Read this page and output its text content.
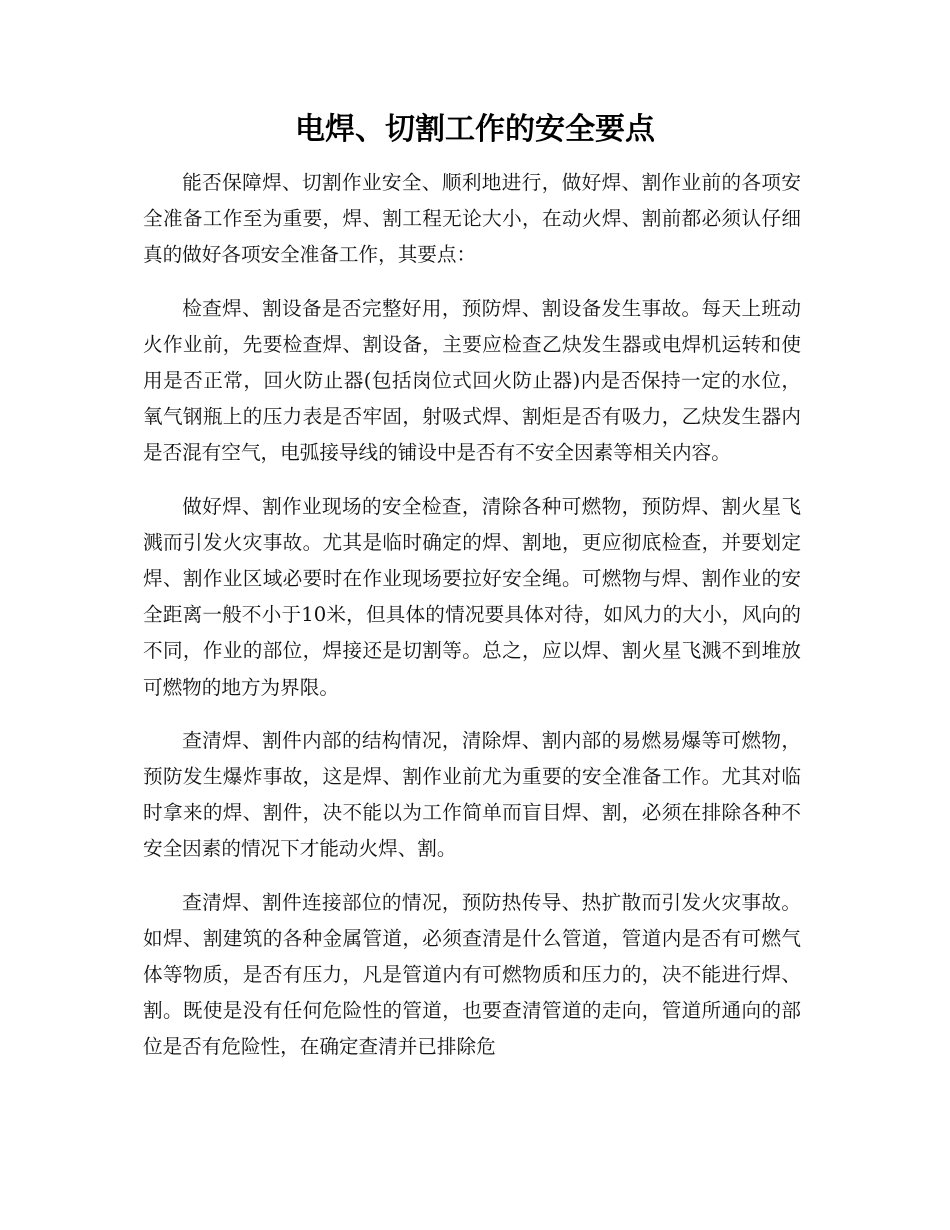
电焊、切割工作的安全要点

能否保障焊、切割作业安全、顺利地进行，做好焊、割作业前的各项安全准备工作至为重要，焊、割工程无论大小，在动火焊、割前都必须认仔细真的做好各项安全准备工作，其要点：

检查焊、割设备是否完整好用，预防焊、割设备发生事故。每天上班动火作业前，先要检查焊、割设备，主要应检查乙炔发生器或电焊机运转和使用是否正常，回火防止器(包括岗位式回火防止器)内是否保持一定的水位，氧气钢瓶上的压力表是否牢固，射吸式焊、割炬是否有吸力，乙炔发生器内是否混有空气，电弧接导线的铺设中是否有不安全因素等相关内容。

做好焊、割作业现场的安全检查，清除各种可燃物，预防焊、割火星飞溅而引发火灾事故。尤其是临时确定的焊、割地，更应彻底检查，并要划定焊、割作业区域必要时在作业现场要拉好安全绳。可燃物与焊、割作业的安全距离一般不小于10米，但具体的情况要具体对待，如风力的大小，风向的不同，作业的部位，焊接还是切割等。总之，应以焊、割火星飞溅不到堆放可燃物的地方为界限。

查清焊、割件内部的结构情况，清除焊、割内部的易燃易爆等可燃物，预防发生爆炸事故，这是焊、割作业前尤为重要的安全准备工作。尤其对临时拿来的焊、割件，决不能以为工作简单而盲目焊、割，必须在排除各种不安全因素的情况下才能动火焊、割。

查清焊、割件连接部位的情况，预防热传导、热扩散而引发火灾事故。如焊、割建筑的各种金属管道，必须查清是什么管道，管道内是否有可燃气体等物质，是否有压力，凡是管道内有可燃物质和压力的，决不能进行焊、割。既使是没有任何危险性的管道，也要查清管道的走向，管道所通向的部位是否有危险性，在确定查清并已排除危
